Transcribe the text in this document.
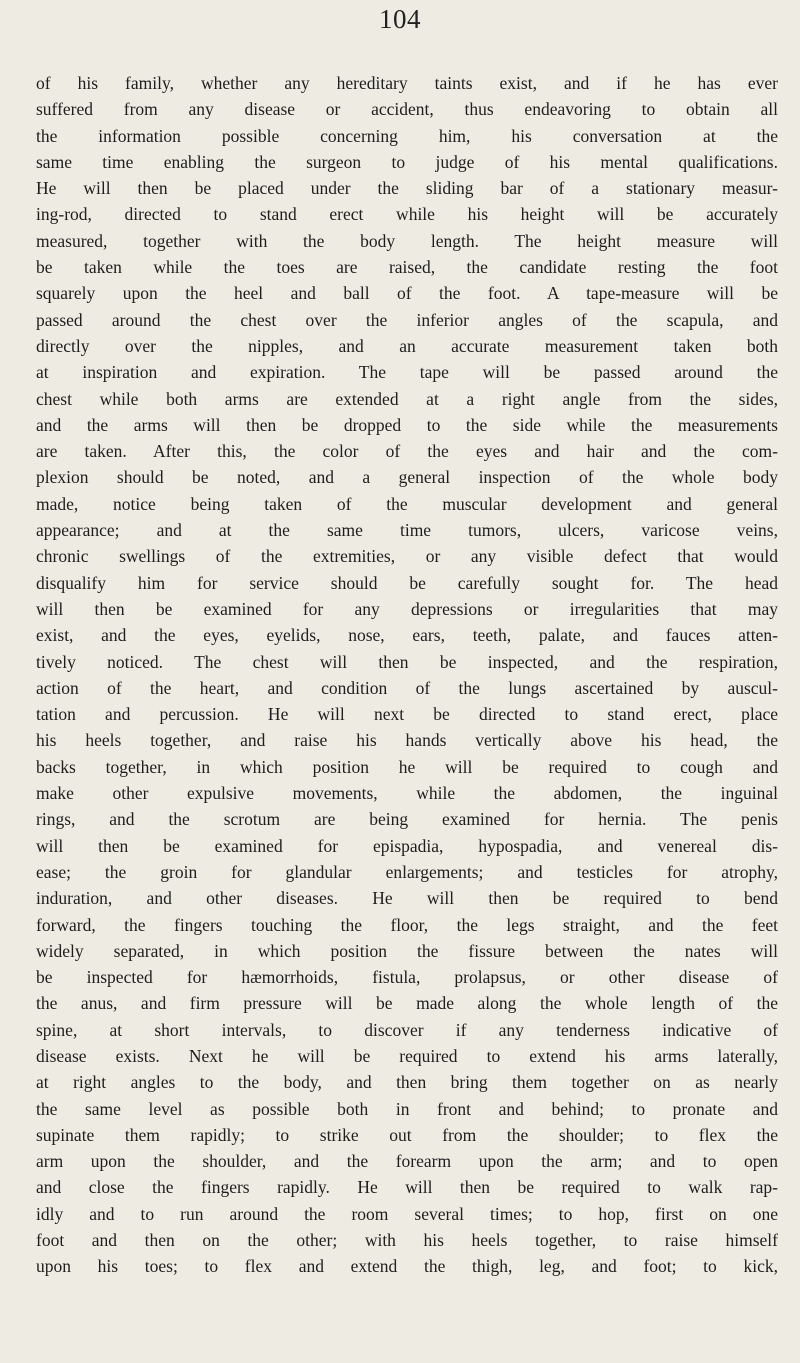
104
of his family, whether any hereditary taints exist, and if he has ever
suffered from any disease or accident, thus endeavoring to obtain all
the information possible concerning him, his conversation at the
same time enabling the surgeon to judge of his mental qualifications.
He will then be placed under the sliding bar of a stationary measur-
ing-rod, directed to stand erect while his height will be accurately
measured, together with the body length. The height measure will
be taken while the toes are raised, the candidate resting the foot
squarely upon the heel and ball of the foot. A tape-measure will be
passed around the chest over the inferior angles of the scapula, and
directly over the nipples, and an accurate measurement taken both
at inspiration and expiration. The tape will be passed around the
chest while both arms are extended at a right angle from the sides,
and the arms will then be dropped to the side while the measurements
are taken. After this, the color of the eyes and hair and the com-
plexion should be noted, and a general inspection of the whole body
made, notice being taken of the muscular development and general
appearance; and at the same time tumors, ulcers, varicose veins,
chronic swellings of the extremities, or any visible defect that would
disqualify him for service should be carefully sought for. The head
will then be examined for any depressions or irregularities that may
exist, and the eyes, eyelids, nose, ears, teeth, palate, and fauces atten-
tively noticed. The chest will then be inspected, and the respiration,
action of the heart, and condition of the lungs ascertained by auscul-
tation and percussion. He will next be directed to stand erect, place
his heels together, and raise his hands vertically above his head, the
backs together, in which position he will be required to cough and
make other expulsive movements, while the abdomen, the inguinal
rings, and the scrotum are being examined for hernia. The penis
will then be examined for epispadia, hypospadia, and venereal dis-
ease; the groin for glandular enlargements; and testicles for atrophy,
induration, and other diseases. He will then be required to bend
forward, the fingers touching the floor, the legs straight, and the feet
widely separated, in which position the fissure between the nates will
be inspected for hæmorrhoids, fistula, prolapsus, or other disease of
the anus, and firm pressure will be made along the whole length of the
spine, at short intervals, to discover if any tenderness indicative of
disease exists. Next he will be required to extend his arms laterally,
at right angles to the body, and then bring them together on as nearly
the same level as possible both in front and behind; to pronate and
supinate them rapidly; to strike out from the shoulder; to flex the
arm upon the shoulder, and the forearm upon the arm; and to open
and close the fingers rapidly. He will then be required to walk rap-
idly and to run around the room several times; to hop, first on one
foot and then on the other; with his heels together, to raise himself
upon his toes; to flex and extend the thigh, leg, and foot; to kick,
